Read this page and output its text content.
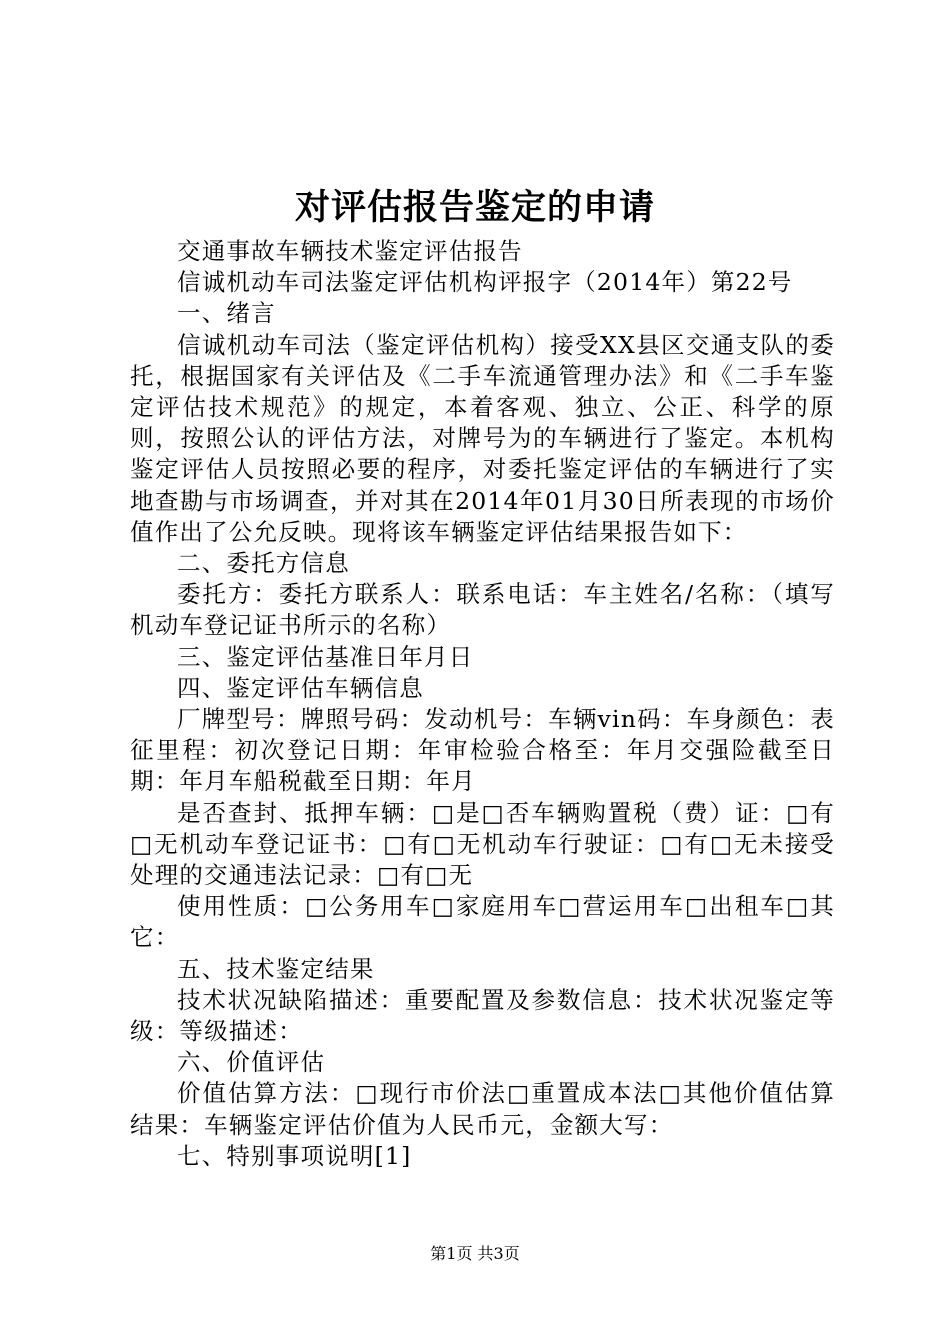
对评估报告鉴定的申请

交通事故车辆技术鉴定评估报告

信诚机动车司法鉴定评估机构评报字（2014年）第22号

一、绪言

信诚机动车司法（鉴定评估机构）接受XX县区交通支队的委托，根据国家有关评估及《二手车流通管理办法》和《二手车鉴定评估技术规范》的规定，本着客观、独立、公正、科学的原则，按照公认的评估方法，对牌号为的车辆进行了鉴定。本机构鉴定评估人员按照必要的程序，对委托鉴定评估的车辆进行了实地查勘与市场调查，并对其在2014年01月30日所表现的市场价值作出了公允反映。现将该车辆鉴定评估结果报告如下：

二、委托方信息

委托方：委托方联系人：联系电话：车主姓名/名称：（填写机动车登记证书所示的名称）

三、鉴定评估基准日年月日

四、鉴定评估车辆信息

厂牌型号：牌照号码：发动机号：车辆vin码：车身颜色：表征里程：初次登记日期：年审检验合格至：年月交强险截至日期：年月车船税截至日期：年月

是否查封、抵押车辆：□是□否车辆购置税（费）证：□有□无机动车登记证书：□有□无机动车行驶证：□有□无未接受处理的交通违法记录：□有□无

使用性质：□公务用车□家庭用车□营运用车□出租车□其它：

五、技术鉴定结果

技术状况缺陷描述：重要配置及参数信息：技术状况鉴定等级：等级描述：

六、价值评估

价值估算方法：□现行市价法□重置成本法□其他价值估算结果：车辆鉴定评估价值为人民币元，金额大写：

七、特别事项说明[1]

第1页 共3页
